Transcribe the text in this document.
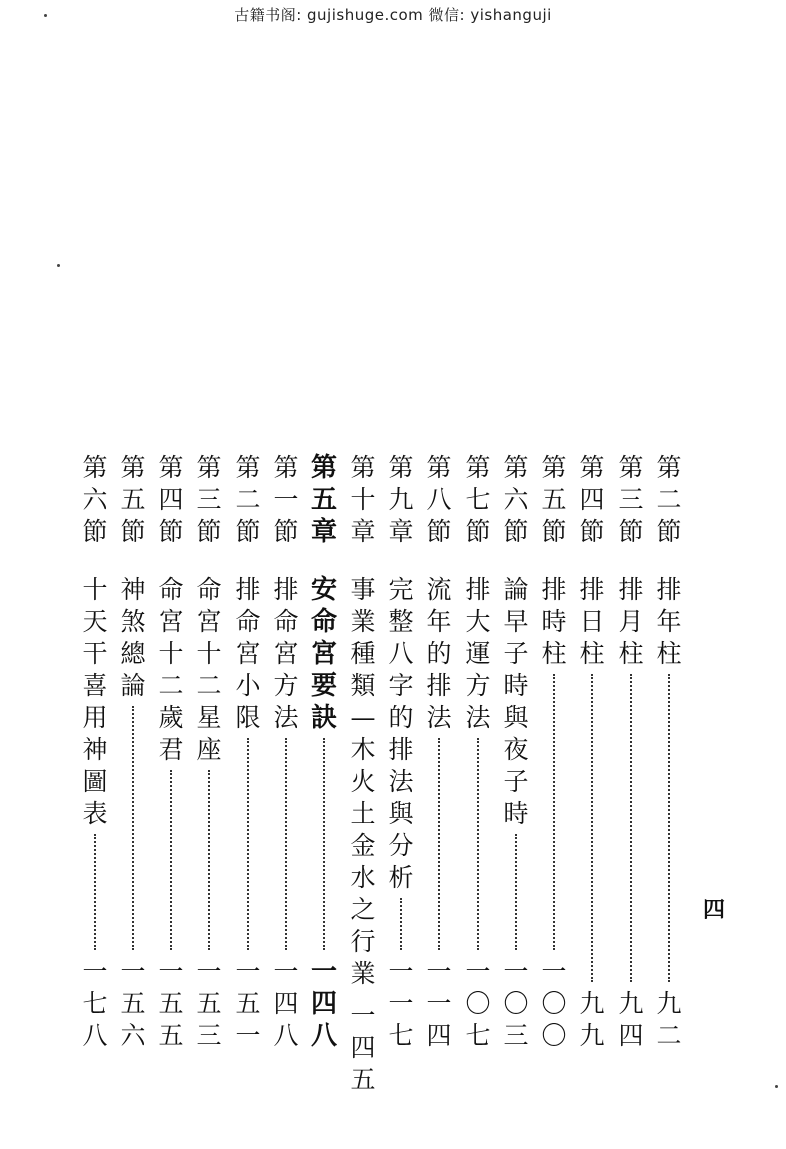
古籍书阁: gujishuge.com 微信: yishanguji
第
二
節
排
年
柱
九
二
第
三
節
排
月
柱
九
四
第
四
節
排
日
柱
九
九
第
五
節
排
時
柱
一
〇
〇
第
六
節
論
早
子
時
與
夜
子
時
一
〇
三
第
七
節
排
大
運
方
法
一
〇
七
第
八
節
流
年
的
排
法
一
一
四
第
九
章
完
整
八
字
的
排
法
與
分
析
一
一
七
第
十
章
事
業
種
類
—
木
火
土
金
水
之
行
業
一
四
五
第
五
章
安
命
宮
要
訣
一
四
八
第
一
節
排
命
宮
方
法
一
四
八
第
二
節
排
命
宮
小
限
一
五
一
第
三
節
命
宮
十
二
星
座
一
五
三
第
四
節
命
宮
十
二
歲
君
一
五
五
第
五
節
神
煞
總
論
一
五
六
第
六
節
十
天
干
喜
用
神
圖
表
一
七
八
四
